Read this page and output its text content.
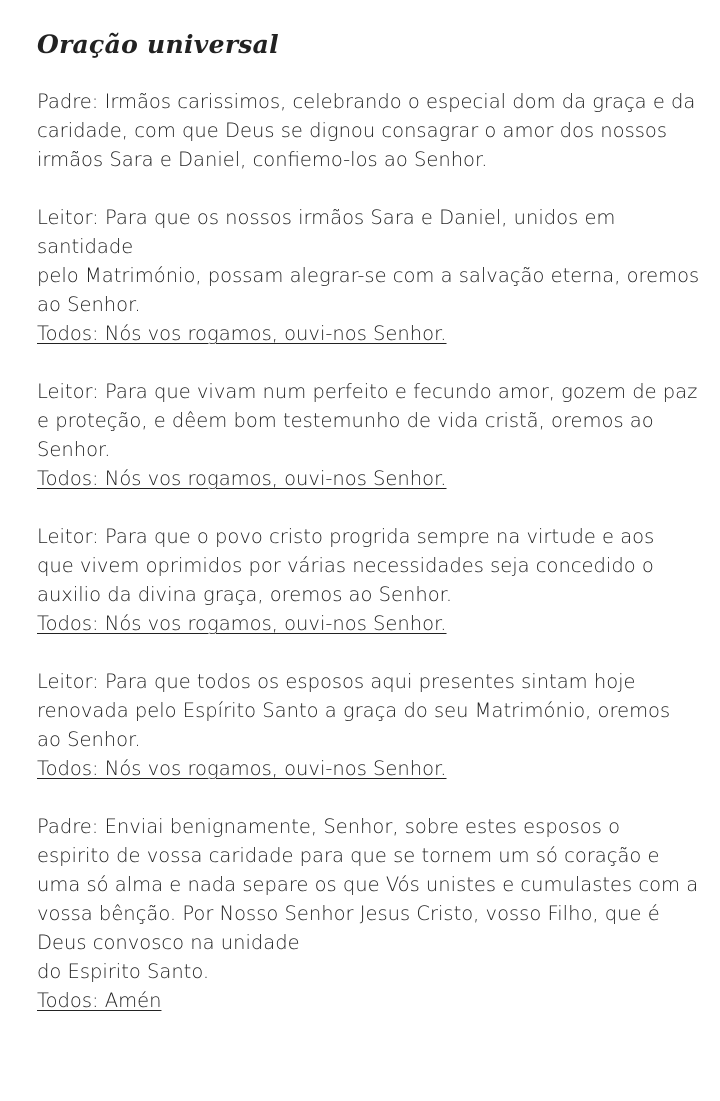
Oração universal
Padre: Irmãos carissimos, celebrando o especial dom da graça e da
caridade, com que Deus se dignou consagrar o amor dos nossos
irmãos Sara e Daniel, confiemo-los ao Senhor.
Leitor: Para que os nossos irmãos Sara e Daniel, unidos em
santidade
pelo Matrimónio, possam alegrar-se com a salvação eterna, oremos
ao Senhor.
Todos: Nós vos rogamos, ouvi-nos Senhor.
Leitor: Para que vivam num perfeito e fecundo amor, gozem de paz
e proteção, e dêem bom testemunho de vida cristã, oremos ao
Senhor.
Todos: Nós vos rogamos, ouvi-nos Senhor.
Leitor: Para que o povo cristo progrida sempre na virtude e aos
que vivem oprimidos por várias necessidades seja concedido o
auxilio da divina graça, oremos ao Senhor.
Todos: Nós vos rogamos, ouvi-nos Senhor.
Leitor: Para que todos os esposos aqui presentes sintam hoje
renovada pelo Espírito Santo a graça do seu Matrimónio, oremos
ao Senhor.
Todos: Nós vos rogamos, ouvi-nos Senhor.
Padre: Enviai benignamente, Senhor, sobre estes esposos o
espirito de vossa caridade para que se tornem um só coração e
uma só alma e nada separe os que Vós unistes e cumulastes com a
vossa bênção. Por Nosso Senhor Jesus Cristo, vosso Filho, que é
Deus convosco na unidade
do Espirito Santo.
Todos: Amén
